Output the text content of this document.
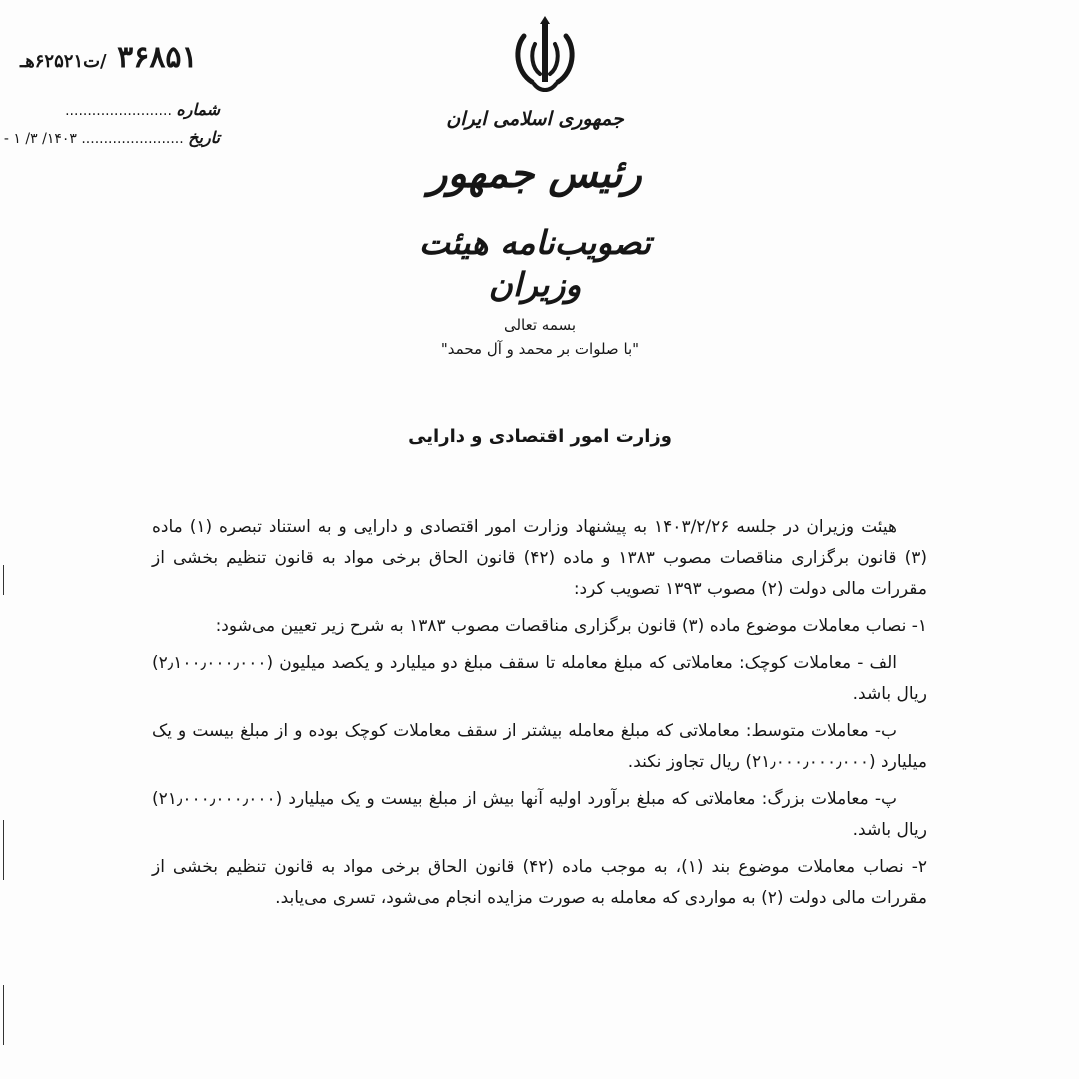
جمهوری اسلامی ایران
رئیس جمهور
تصویب‌نامه هیئت وزیران
۳۶۸۵۱ /ت۶۲۵۲۱هـ
شماره ........................
تاریخ ....................... ۱۴۰۳/ ۳/ ۱ -
بسمه تعالی
"با صلوات بر محمد و آل محمد"
وزارت امور اقتصادی و دارایی

هیئت وزیران در جلسه ۱۴۰۳/۲/۲۶ به پیشنهاد وزارت امور اقتصادی و دارایی و به استناد تبصره (۱) ماده (۳) قانون برگزاری مناقصات مصوب ۱۳۸۳ و ماده (۴۲) قانون الحاق برخی مواد به قانون تنظیم بخشی از مقررات مالی دولت (۲) مصوب ۱۳۹۳ تصویب کرد:

۱- نصاب معاملات موضوع ماده (۳) قانون برگزاری مناقصات مصوب ۱۳۸۳ به شرح زیر تعیین می‌شود:

الف - معاملات کوچک: معاملاتی که مبلغ معامله تا سقف مبلغ دو میلیارد و یکصد میلیون (۲٫۱۰۰٫۰۰۰٫۰۰۰) ریال باشد.

ب- معاملات متوسط: معاملاتی که مبلغ معامله بیشتر از سقف معاملات کوچک بوده و از مبلغ بیست و یک میلیارد (۲۱٫۰۰۰٫۰۰۰٫۰۰۰) ریال تجاوز نکند.

پ- معاملات بزرگ: معاملاتی که مبلغ برآورد اولیه آنها بیش از مبلغ بیست و یک میلیارد (۲۱٫۰۰۰٫۰۰۰٫۰۰۰) ریال باشد.

۲- نصاب معاملات موضوع بند (۱)، به موجب ماده (۴۲) قانون الحاق برخی مواد به قانون تنظیم بخشی از مقررات مالی دولت (۲) به مواردی که معامله به صورت مزایده انجام می‌شود، تسری می‌یابد.
